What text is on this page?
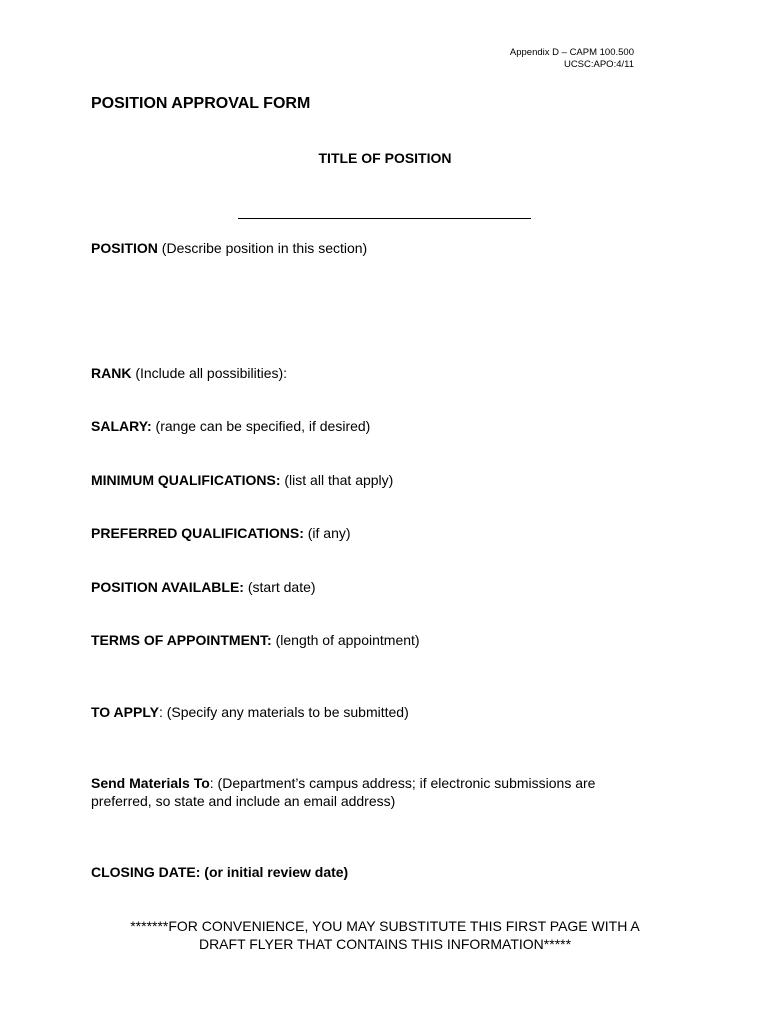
Appendix D – CAPM 100.500
UCSC:APO:4/11
POSITION APPROVAL FORM
TITLE OF POSITION
POSITION (Describe position in this section)
RANK (Include all possibilities):
SALARY: (range can be specified, if desired)
MINIMUM QUALIFICATIONS: (list all that apply)
PREFERRED QUALIFICATIONS: (if any)
POSITION AVAILABLE: (start date)
TERMS OF APPOINTMENT: (length of appointment)
TO APPLY: (Specify any materials to be submitted)
Send Materials To: (Department’s campus address; if electronic submissions are preferred, so state and include an email address)
CLOSING DATE: (or initial review date)
*******FOR CONVENIENCE, YOU MAY SUBSTITUTE THIS FIRST PAGE WITH A
DRAFT FLYER THAT CONTAINS THIS INFORMATION*****
